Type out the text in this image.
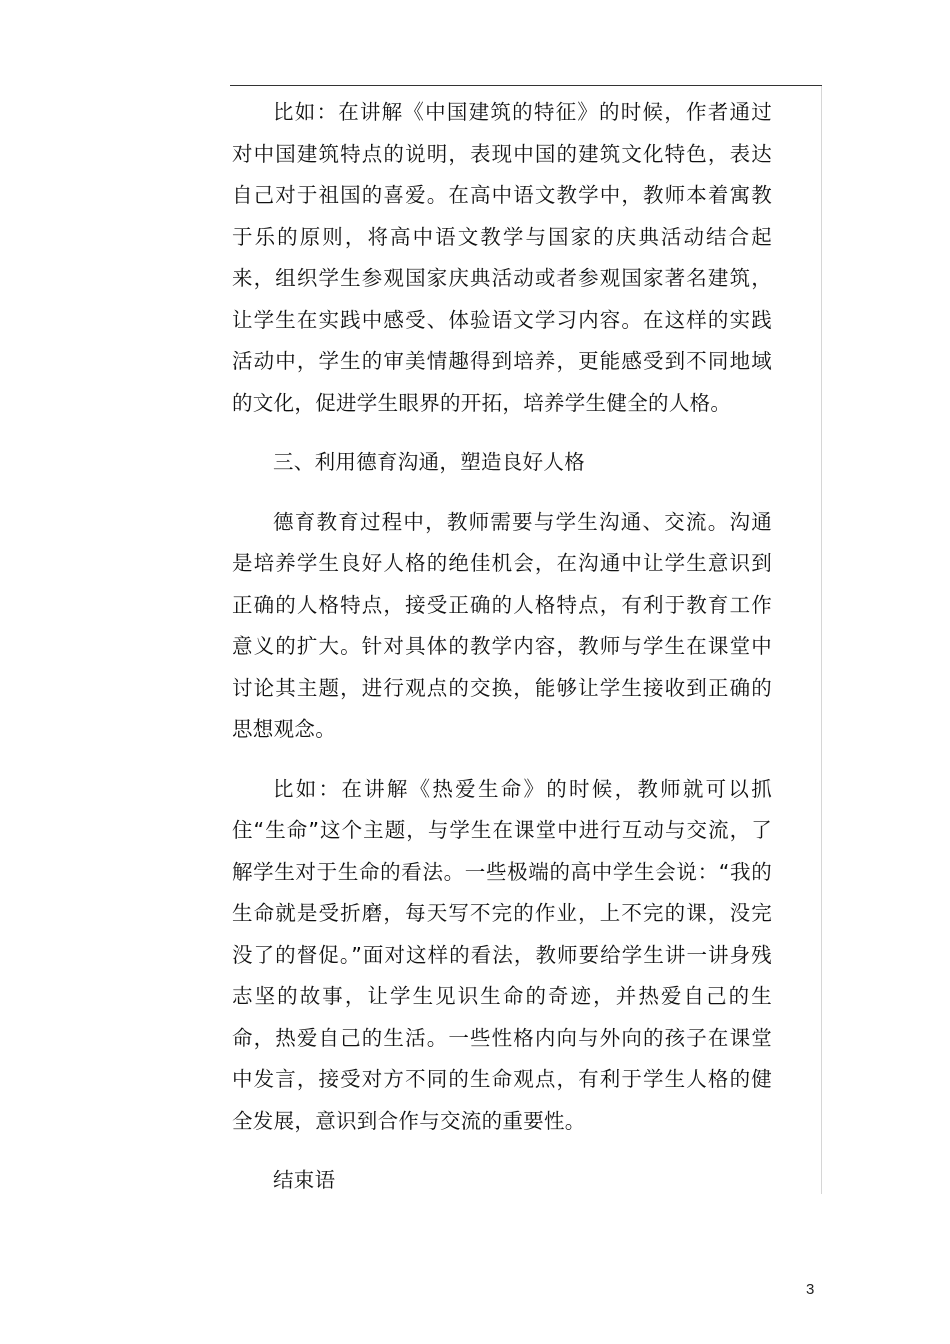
比如：在讲解《中国建筑的特征》的时候，作者通过对中国建筑特点的说明，表现中国的建筑文化特色，表达自己对于祖国的喜爱。在高中语文教学中，教师本着寓教于乐的原则，将高中语文教学与国家的庆典活动结合起来，组织学生参观国家庆典活动或者参观国家著名建筑，让学生在实践中感受、体验语文学习内容。在这样的实践活动中，学生的审美情趣得到培养，更能感受到不同地域的文化，促进学生眼界的开拓，培养学生健全的人格。

三、利用德育沟通，塑造良好人格

德育教育过程中，教师需要与学生沟通、交流。沟通是培养学生良好人格的绝佳机会，在沟通中让学生意识到正确的人格特点，接受正确的人格特点，有利于教育工作意义的扩大。针对具体的教学内容，教师与学生在课堂中讨论其主题，进行观点的交换，能够让学生接收到正确的思想观念。

比如：在讲解《热爱生命》的时候，教师就可以抓住“生命”这个主题，与学生在课堂中进行互动与交流，了解学生对于生命的看法。一些极端的高中学生会说：“我的生命就是受折磨，每天写不完的作业，上不完的课，没完没了的督促。”面对这样的看法，教师要给学生讲一讲身残志坚的故事，让学生见识生命的奇迹，并热爱自己的生命，热爱自己的生活。一些性格内向与外向的孩子在课堂中发言，接受对方不同的生命观点，有利于学生人格的健全发展，意识到合作与交流的重要性。

结束语

3
